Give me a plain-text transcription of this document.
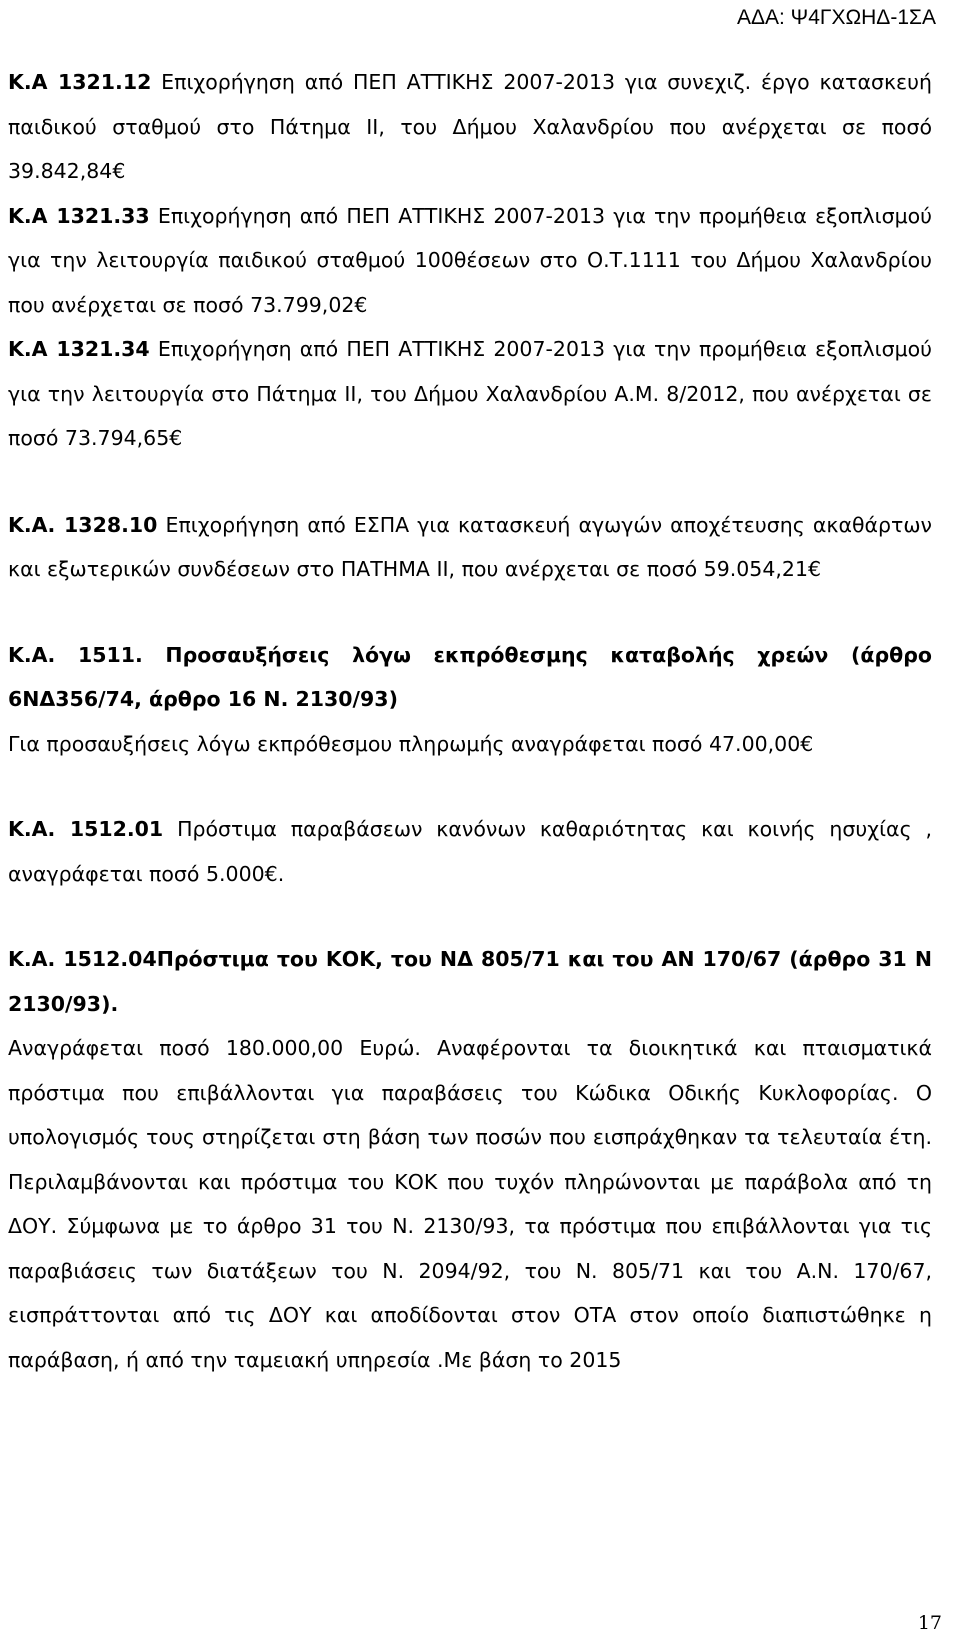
ΑΔΑ: Ψ4ΓΧΩΗΔ-1ΣΑ

Κ.Α 1321.12 Επιχορήγηση από ΠΕΠ ΑΤΤΙΚΗΣ 2007-2013 για συνεχιζ. έργο κατασκευή παιδικού σταθμού στο Πάτημα ΙΙ, του Δήμου Χαλανδρίου που ανέρχεται σε ποσό 39.842,84€

Κ.Α 1321.33 Επιχορήγηση από ΠΕΠ ΑΤΤΙΚΗΣ 2007-2013 για την προμήθεια εξοπλισμού για την λειτουργία παιδικού σταθμού 100θέσεων στο Ο.Τ.1111 του Δήμου Χαλανδρίου που ανέρχεται σε ποσό 73.799,02€

Κ.Α 1321.34 Επιχορήγηση από ΠΕΠ ΑΤΤΙΚΗΣ 2007-2013 για την προμήθεια εξοπλισμού για την λειτουργία στο Πάτημα ΙΙ, του Δήμου Χαλανδρίου Α.Μ. 8/2012, που ανέρχεται σε ποσό 73.794,65€

Κ.Α. 1328.10 Επιχορήγηση από ΕΣΠΑ για κατασκευή αγωγών αποχέτευσης ακαθάρτων και εξωτερικών συνδέσεων στο ΠΑΤΗΜΑ ΙΙ, που ανέρχεται σε ποσό 59.054,21€

Κ.Α. 1511. Προσαυξήσεις λόγω εκπρόθεσμης καταβολής χρεών (άρθρο 6ΝΔ356/74, άρθρο 16 Ν. 2130/93)

Για προσαυξήσεις λόγω εκπρόθεσμου πληρωμής αναγράφεται ποσό 47.00,00€

Κ.Α. 1512.01 Πρόστιμα παραβάσεων κανόνων καθαριότητας και κοινής ησυχίας , αναγράφεται ποσό 5.000€.

Κ.Α. 1512.04Πρόστιμα του ΚΟΚ, του ΝΔ 805/71 και του ΑΝ 170/67 (άρθρο 31 Ν 2130/93).

Αναγράφεται ποσό 180.000,00 Ευρώ. Αναφέρονται τα διοικητικά και πταισματικά πρόστιμα που επιβάλλονται για παραβάσεις του Κώδικα Οδικής Κυκλοφορίας. Ο υπολογισμός τους στηρίζεται στη βάση των ποσών που εισπράχθηκαν τα τελευταία έτη. Περιλαμβάνονται και πρόστιμα του ΚΟΚ που τυχόν πληρώνονται με παράβολα από τη ΔΟΥ. Σύμφωνα με το άρθρο 31 του Ν. 2130/93, τα πρόστιμα που επιβάλλονται για τις παραβιάσεις των διατάξεων του Ν. 2094/92, του Ν. 805/71 και του Α.Ν. 170/67, εισπράττονται από τις ΔΟΥ και αποδίδονται στον ΟΤΑ στον οποίο διαπιστώθηκε η παράβαση, ή από την ταμειακή υπηρεσία .Με βάση το 2015

17
